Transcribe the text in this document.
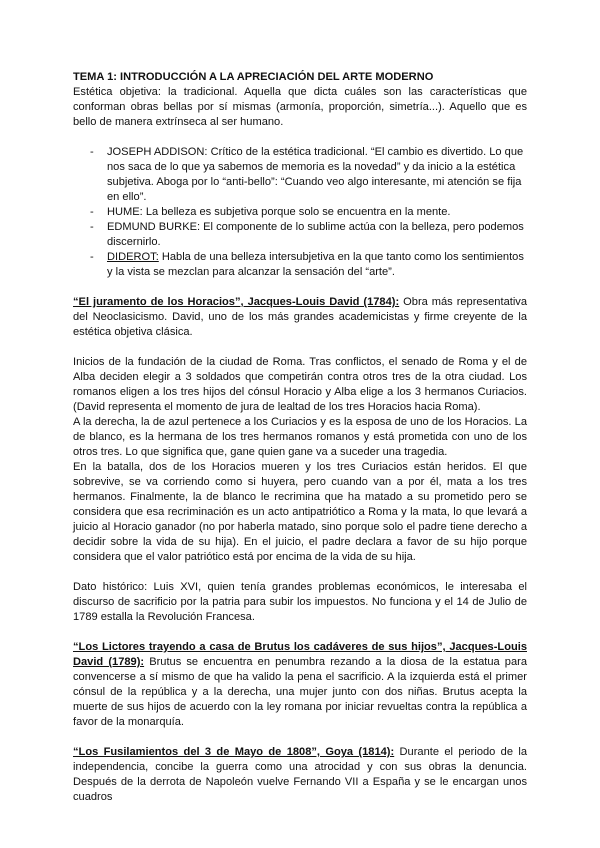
TEMA 1: INTRODUCCIÓN A LA APRECIACIÓN DEL ARTE MODERNO

Estética objetiva: la tradicional. Aquella que dicta cuáles son las características que conforman obras bellas por sí mismas (armonía, proporción, simetría...). Aquello que es bello de manera extrínseca al ser humano.

- JOSEPH ADDISON: Crítico de la estética tradicional. “El cambio es divertido. Lo que nos saca de lo que ya sabemos de memoria es la novedad” y da inicio a la estética subjetiva. Aboga por lo “anti-bello”: “Cuando veo algo interesante, mi atención se fija en ello”.
- HUME: La belleza es subjetiva porque solo se encuentra en la mente.
- EDMUND BURKE: El componente de lo sublime actúa con la belleza, pero podemos discernirlo.
- DIDEROT: Habla de una belleza intersubjetiva en la que tanto como los sentimientos y la vista se mezclan para alcanzar la sensación del “arte”.

“El juramento de los Horacios”, Jacques-Louis David (1784): Obra más representativa del Neoclasicismo. David, uno de los más grandes academicistas y firme creyente de la estética objetiva clásica.

Inicios de la fundación de la ciudad de Roma. Tras conflictos, el senado de Roma y el de Alba deciden elegir a 3 soldados que competirán contra otros tres de la otra ciudad. Los romanos eligen a los tres hijos del cónsul Horacio y Alba elige a los 3 hermanos Curiacios. (David representa el momento de jura de lealtad de los tres Horacios hacia Roma).

A la derecha, la de azul pertenece a los Curiacios y es la esposa de uno de los Horacios. La de blanco, es la hermana de los tres hermanos romanos y está prometida con uno de los otros tres. Lo que significa que, gane quien gane va a suceder una tragedia.

En la batalla, dos de los Horacios mueren y los tres Curiacios están heridos. El que sobrevive, se va corriendo como si huyera, pero cuando van a por él, mata a los tres hermanos. Finalmente, la de blanco le recrimina que ha matado a su prometido pero se considera que esa recriminación es un acto antipatriótico a Roma y la mata, lo que levará a juicio al Horacio ganador (no por haberla matado, sino porque solo el padre tiene derecho a decidir sobre la vida de su hija). En el juicio, el padre declara a favor de su hijo porque considera que el valor patriótico está por encima de la vida de su hija.

Dato histórico: Luis XVI, quien tenía grandes problemas económicos, le interesaba el discurso de sacrificio por la patria para subir los impuestos. No funciona y el 14 de Julio de 1789 estalla la Revolución Francesa.

“Los Lictores trayendo a casa de Brutus los cadáveres de sus hijos”, Jacques-Louis David (1789): Brutus se encuentra en penumbra rezando a la diosa de la estatua para convencerse a sí mismo de que ha valido la pena el sacrificio. A la izquierda está el primer cónsul de la república y a la derecha, una mujer junto con dos niñas. Brutus acepta la muerte de sus hijos de acuerdo con la ley romana por iniciar revueltas contra la república a favor de la monarquía.

“Los Fusilamientos del 3 de Mayo de 1808”, Goya (1814): Durante el periodo de la independencia, concibe la guerra como una atrocidad y con sus obras la denuncia. Después de la derrota de Napoleón vuelve Fernando VII a España y se le encargan unos cuadros
